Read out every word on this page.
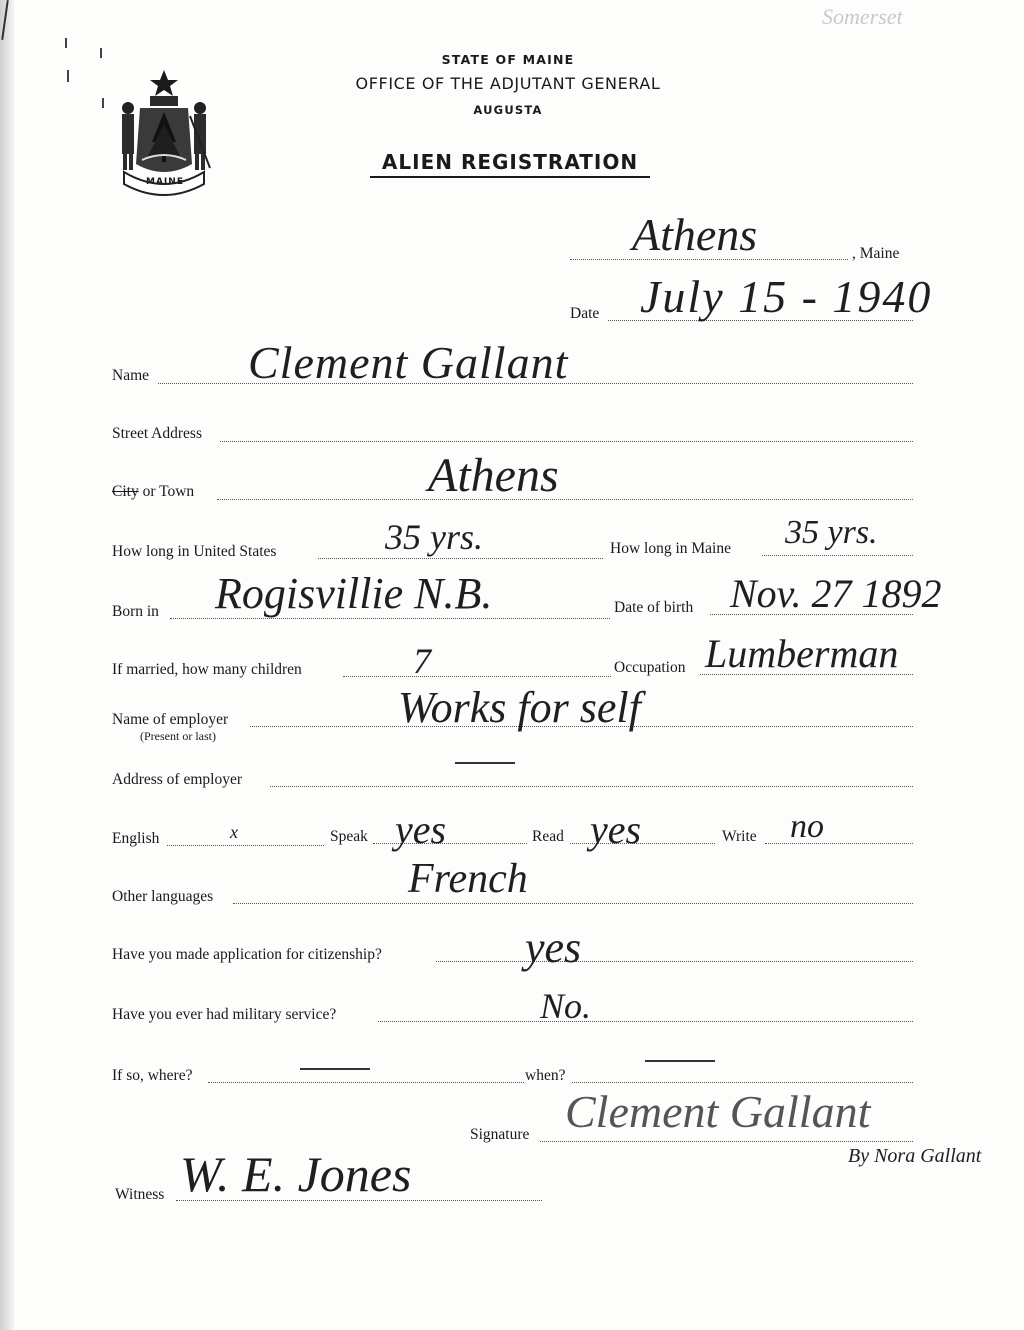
Somerset
MAINE
STATE OF MAINE
OFFICE OF THE ADJUTANT GENERAL
AUGUSTA
ALIEN REGISTRATION
Athens	, Maine
Date July 15 - 1940
Name Clement Gallant
Street Address
City or Town	Athens
How long in United States	35 yrs.	How long in Maine 35 yrs.
Born in Rogisvillie N.B.	Date of birth Nov. 27 1892
If married, how many children	7	Occupation Lumberman
Name of employer
(Present or last)
Works for self
Address of employer
English	x	Speak yes	Read yes	Write no
Other languages	French
Have you made application for citizenship?	yes
Have you ever had military service?	No.
If so, where?	when?
Signature Clement Gallant
By Nora Gallant
Witness W. E. Jones
